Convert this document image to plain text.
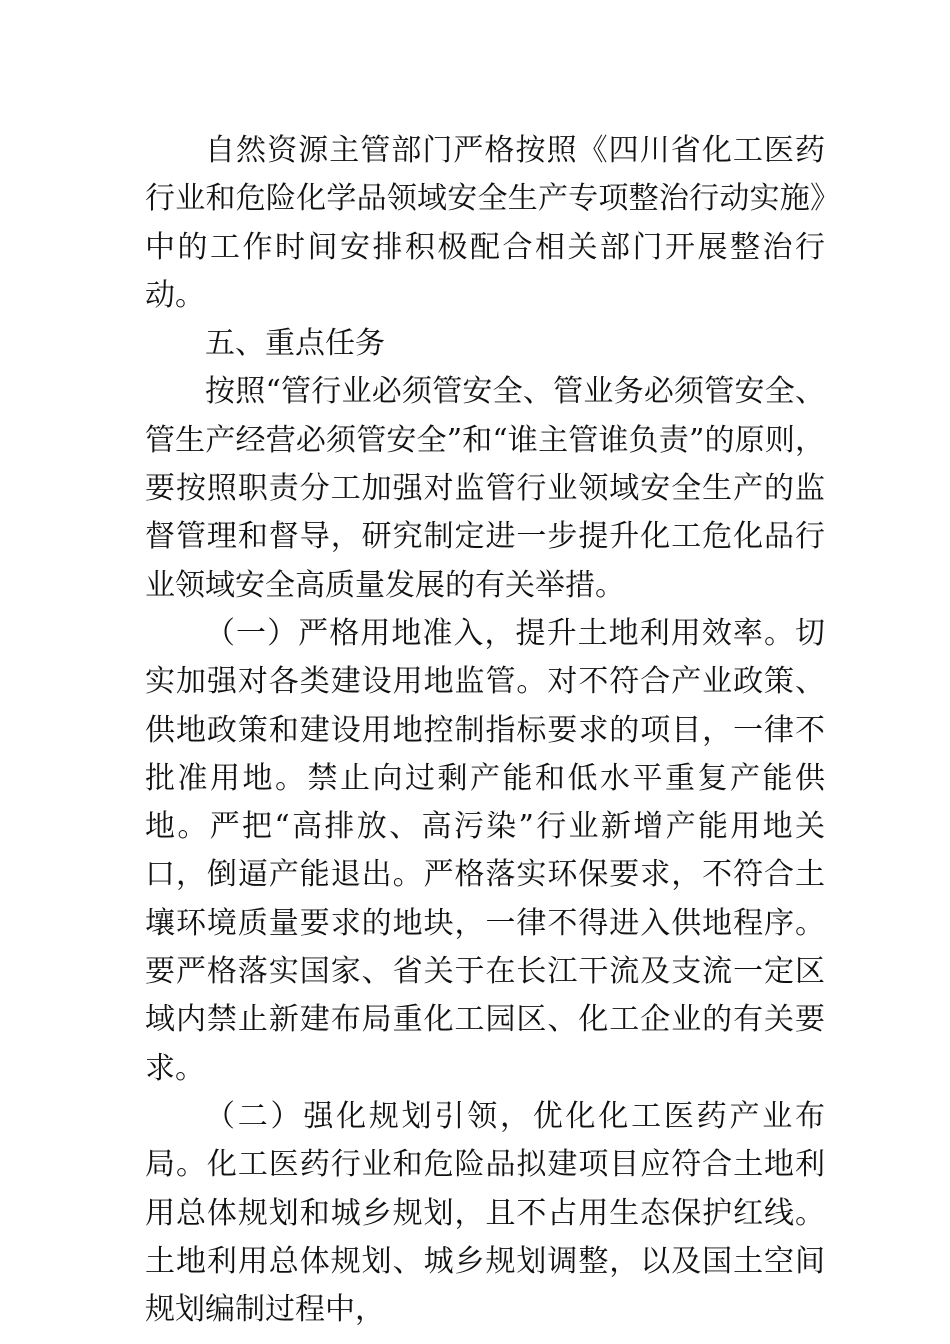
自然资源主管部门严格按照《四川省化工医药行业和危险化学品领域安全生产专项整治行动实施》中的工作时间安排积极配合相关部门开展整治行动。

五、重点任务

按照“管行业必须管安全、管业务必须管安全、管生产经营必须管安全”和“谁主管谁负责”的原则，要按照职责分工加强对监管行业领域安全生产的监督管理和督导，研究制定进一步提升化工危化品行业领域安全高质量发展的有关举措。

（一）严格用地准入，提升土地利用效率。切实加强对各类建设用地监管。对不符合产业政策、供地政策和建设用地控制指标要求的项目，一律不批准用地。禁止向过剩产能和低水平重复产能供地。严把“高排放、高污染”行业新增产能用地关口，倒逼产能退出。严格落实环保要求，不符合土壤环境质量要求的地块，一律不得进入供地程序。要严格落实国家、省关于在长江干流及支流一定区域内禁止新建布局重化工园区、化工企业的有关要求。

（二）强化规划引领，优化化工医药产业布局。化工医药行业和危险品拟建项目应符合土地利用总体规划和城乡规划，且不占用生态保护红线。土地利用总体规划、城乡规划调整，以及国土空间规划编制过程中，
